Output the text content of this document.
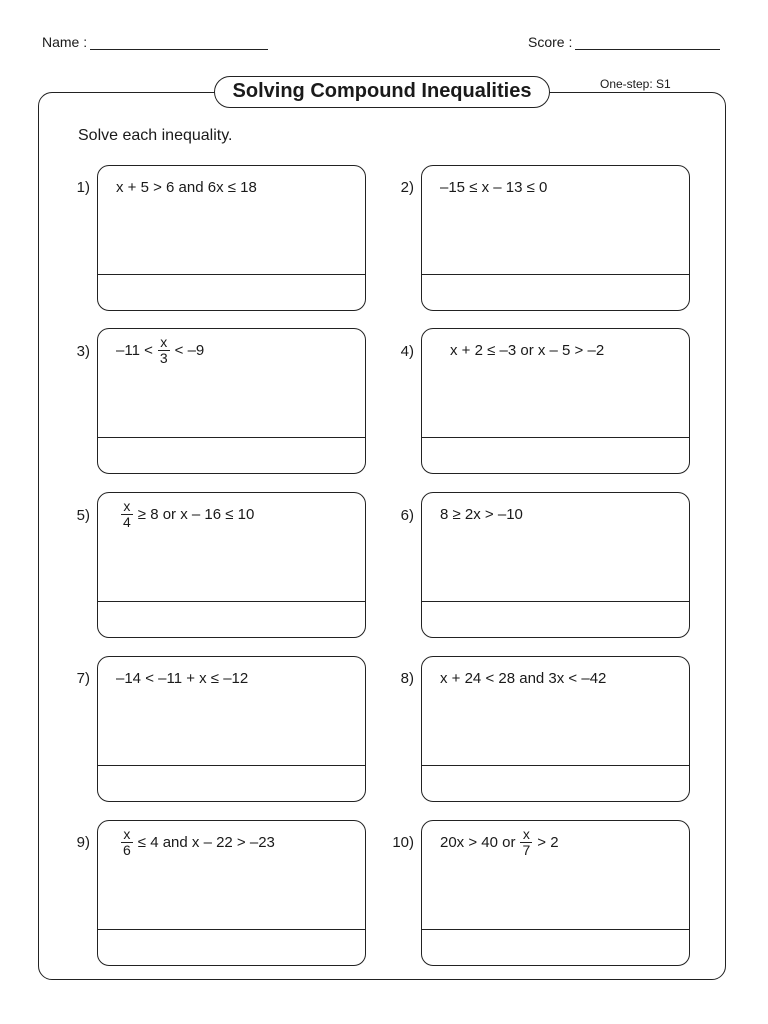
Name :	Score :
Solving Compound Inequalities	One-step: S1
Solve each inequality.
1) x + 5 > 6 and 6x ≤ 18	2) –15 ≤ x – 13 ≤ 0
3) $-11 < \frac{x}{3} < -9$	4) x + 2 ≤ –3 or x – 5 > –2
$5) \frac{x}{4} \ge 8$ or x – 16 ≤ 10	6) 8 ≥ 2x > –10
7) –14 < –11 + x ≤ –12	8) x + 24 < 28 and 3x < –42
$9) \frac{x}{6} \le 4$ and x – 22 > –23	10) 20x > 40 or $\frac{x}{7} > 2$
